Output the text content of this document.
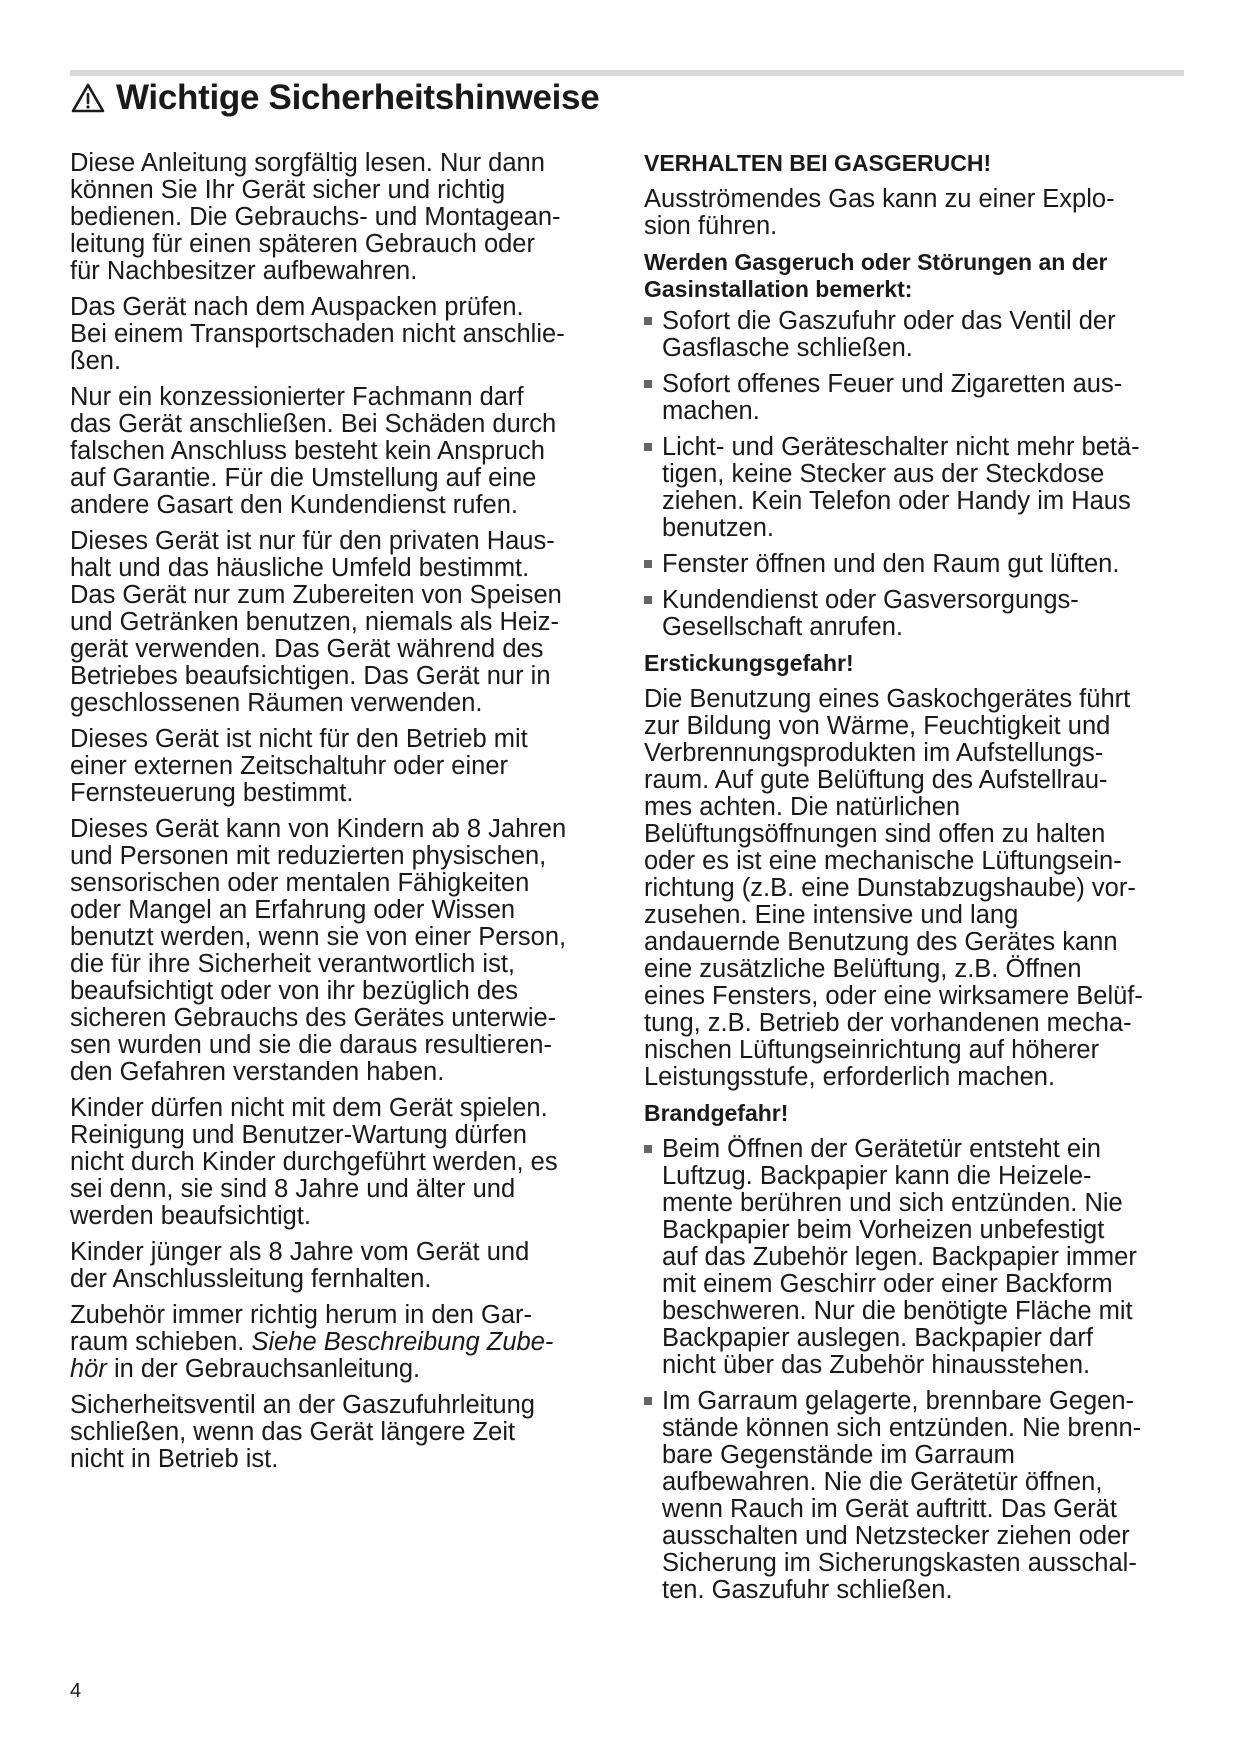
Wichtige Sicherheitshinweise

Diese Anleitung sorgfältig lesen. Nur dann
können Sie Ihr Gerät sicher und richtig
bedienen. Die Gebrauchs- und Montagean-
leitung für einen späteren Gebrauch oder
für Nachbesitzer aufbewahren.

Das Gerät nach dem Auspacken prüfen.
Bei einem Transportschaden nicht anschlie-
ßen.

Nur ein konzessionierter Fachmann darf
das Gerät anschließen. Bei Schäden durch
falschen Anschluss besteht kein Anspruch
auf Garantie. Für die Umstellung auf eine
andere Gasart den Kundendienst rufen.

Dieses Gerät ist nur für den privaten Haus-
halt und das häusliche Umfeld bestimmt.
Das Gerät nur zum Zubereiten von Speisen
und Getränken benutzen, niemals als Heiz-
gerät verwenden. Das Gerät während des
Betriebes beaufsichtigen. Das Gerät nur in
geschlossenen Räumen verwenden.

Dieses Gerät ist nicht für den Betrieb mit
einer externen Zeitschaltuhr oder einer
Fernsteuerung bestimmt.

Dieses Gerät kann von Kindern ab 8 Jahren
und Personen mit reduzierten physischen,
sensorischen oder mentalen Fähigkeiten
oder Mangel an Erfahrung oder Wissen
benutzt werden, wenn sie von einer Person,
die für ihre Sicherheit verantwortlich ist,
beaufsichtigt oder von ihr bezüglich des
sicheren Gebrauchs des Gerätes unterwie-
sen wurden und sie die daraus resultieren-
den Gefahren verstanden haben.

Kinder dürfen nicht mit dem Gerät spielen.
Reinigung und Benutzer-Wartung dürfen
nicht durch Kinder durchgeführt werden, es
sei denn, sie sind 8 Jahre und älter und
werden beaufsichtigt.

Kinder jünger als 8 Jahre vom Gerät und
der Anschlussleitung fernhalten.

Zubehör immer richtig herum in den Gar-
raum schieben. Siehe Beschreibung Zube-
hör in der Gebrauchsanleitung.

Sicherheitsventil an der Gaszufuhrleitung
schließen, wenn das Gerät längere Zeit
nicht in Betrieb ist.

VERHALTEN BEI GASGERUCH!

Ausströmendes Gas kann zu einer Explo-
sion führen.

Werden Gasgeruch oder Störungen an der
Gasinstallation bemerkt:
Sofort die Gaszufuhr oder das Ventil der
Gasflasche schließen.
Sofort offenes Feuer und Zigaretten aus-
machen.
Licht- und Geräteschalter nicht mehr betä-
tigen, keine Stecker aus der Steckdose
ziehen. Kein Telefon oder Handy im Haus
benutzen.
Fenster öffnen und den Raum gut lüften.
Kundendienst oder Gasversorgungs-
Gesellschaft anrufen.
Erstickungsgefahr!

Die Benutzung eines Gaskochgerätes führt
zur Bildung von Wärme, Feuchtigkeit und
Verbrennungsprodukten im Aufstellungs-
raum. Auf gute Belüftung des Aufstellrau-
mes achten. Die natürlichen
Belüftungsöffnungen sind offen zu halten
oder es ist eine mechanische Lüftungsein-
richtung (z.B. eine Dunstabzugshaube) vor-
zusehen. Eine intensive und lang
andauernde Benutzung des Gerätes kann
eine zusätzliche Belüftung, z.B. Öffnen
eines Fensters, oder eine wirksamere Belüf-
tung, z.B. Betrieb der vorhandenen mecha-
nischen Lüftungseinrichtung auf höherer
Leistungsstufe, erforderlich machen.

Brandgefahr!
Beim Öffnen der Gerätetür entsteht ein
Luftzug. Backpapier kann die Heizele-
mente berühren und sich entzünden. Nie
Backpapier beim Vorheizen unbefestigt
auf das Zubehör legen. Backpapier immer
mit einem Geschirr oder einer Backform
beschweren. Nur die benötigte Fläche mit
Backpapier auslegen. Backpapier darf
nicht über das Zubehör hinausstehen.
Im Garraum gelagerte, brennbare Gegen-
stände können sich entzünden. Nie brenn-
bare Gegenstände im Garraum
aufbewahren. Nie die Gerätetür öffnen,
wenn Rauch im Gerät auftritt. Das Gerät
ausschalten und Netzstecker ziehen oder
Sicherung im Sicherungskasten ausschal-
ten. Gaszufuhr schließen.
4
